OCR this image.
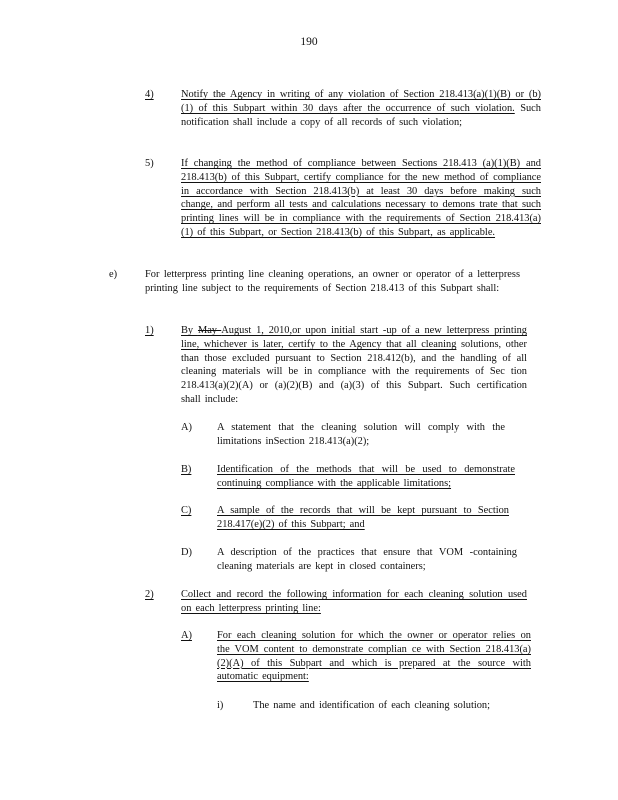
190
4)	Notify the Agency in writing of any violation of Section 218.413(a)(1)(B) or (b)(1) of this Subpart within 30 days after the occurrence of such violation. Such notification shall include a copy of all records of such violation;
5)	If changing the method of compliance between Sections 218.413 (a)(1)(B) and 218.413(b) of this Subpart, certify compliance for the new method of compliance in accordance with Section 218.413(b) at least 30 days before making such change, and perform all tests and calculations necessary to demons trate that such printing lines will be in compliance with the requirements of Section 218.413(a)(1) of this Subpart, or Section 218.413(b) of this Subpart, as applicable.
e)	For letterpress printing line cleaning operations, an owner or operator of a letterpress printing line subject to the requirements of Section 218.413 of this Subpart shall:
1)	By May August 1, 2010,or upon initial start -up of a new letterpress printing line, whichever is later, certify to the Agency that all cleaning solutions, other than those excluded pursuant to Section 218.412(b), and the handling of all cleaning materials will be in compliance with the requirements of Sec tion 218.413(a)(2)(A) or (a)(2)(B) and (a)(3) of this Subpart. Such certification shall include:
A) A statement that the cleaning solution will comply with the limitations inSection 218.413(a)(2);
B) Identification of the methods that will be used to demonstrate continuing compliance with the applicable limitations;
C) A sample of the records that will be kept pursuant to Section 218.417(e)(2) of this Subpart; and
D) A description of the practices that ensure that VOM -containing cleaning materials are kept in closed containers;
2)	Collect and record the following information for each cleaning solution used on each letterpress printing line:
A) For each cleaning solution for which the owner or operator relies on the VOM content to demonstrate complian ce with Section 218.413(a)(2)(A) of this Subpart and which is prepared at the source with automatic equipment:
i)	The name and identification of each cleaning solution;
